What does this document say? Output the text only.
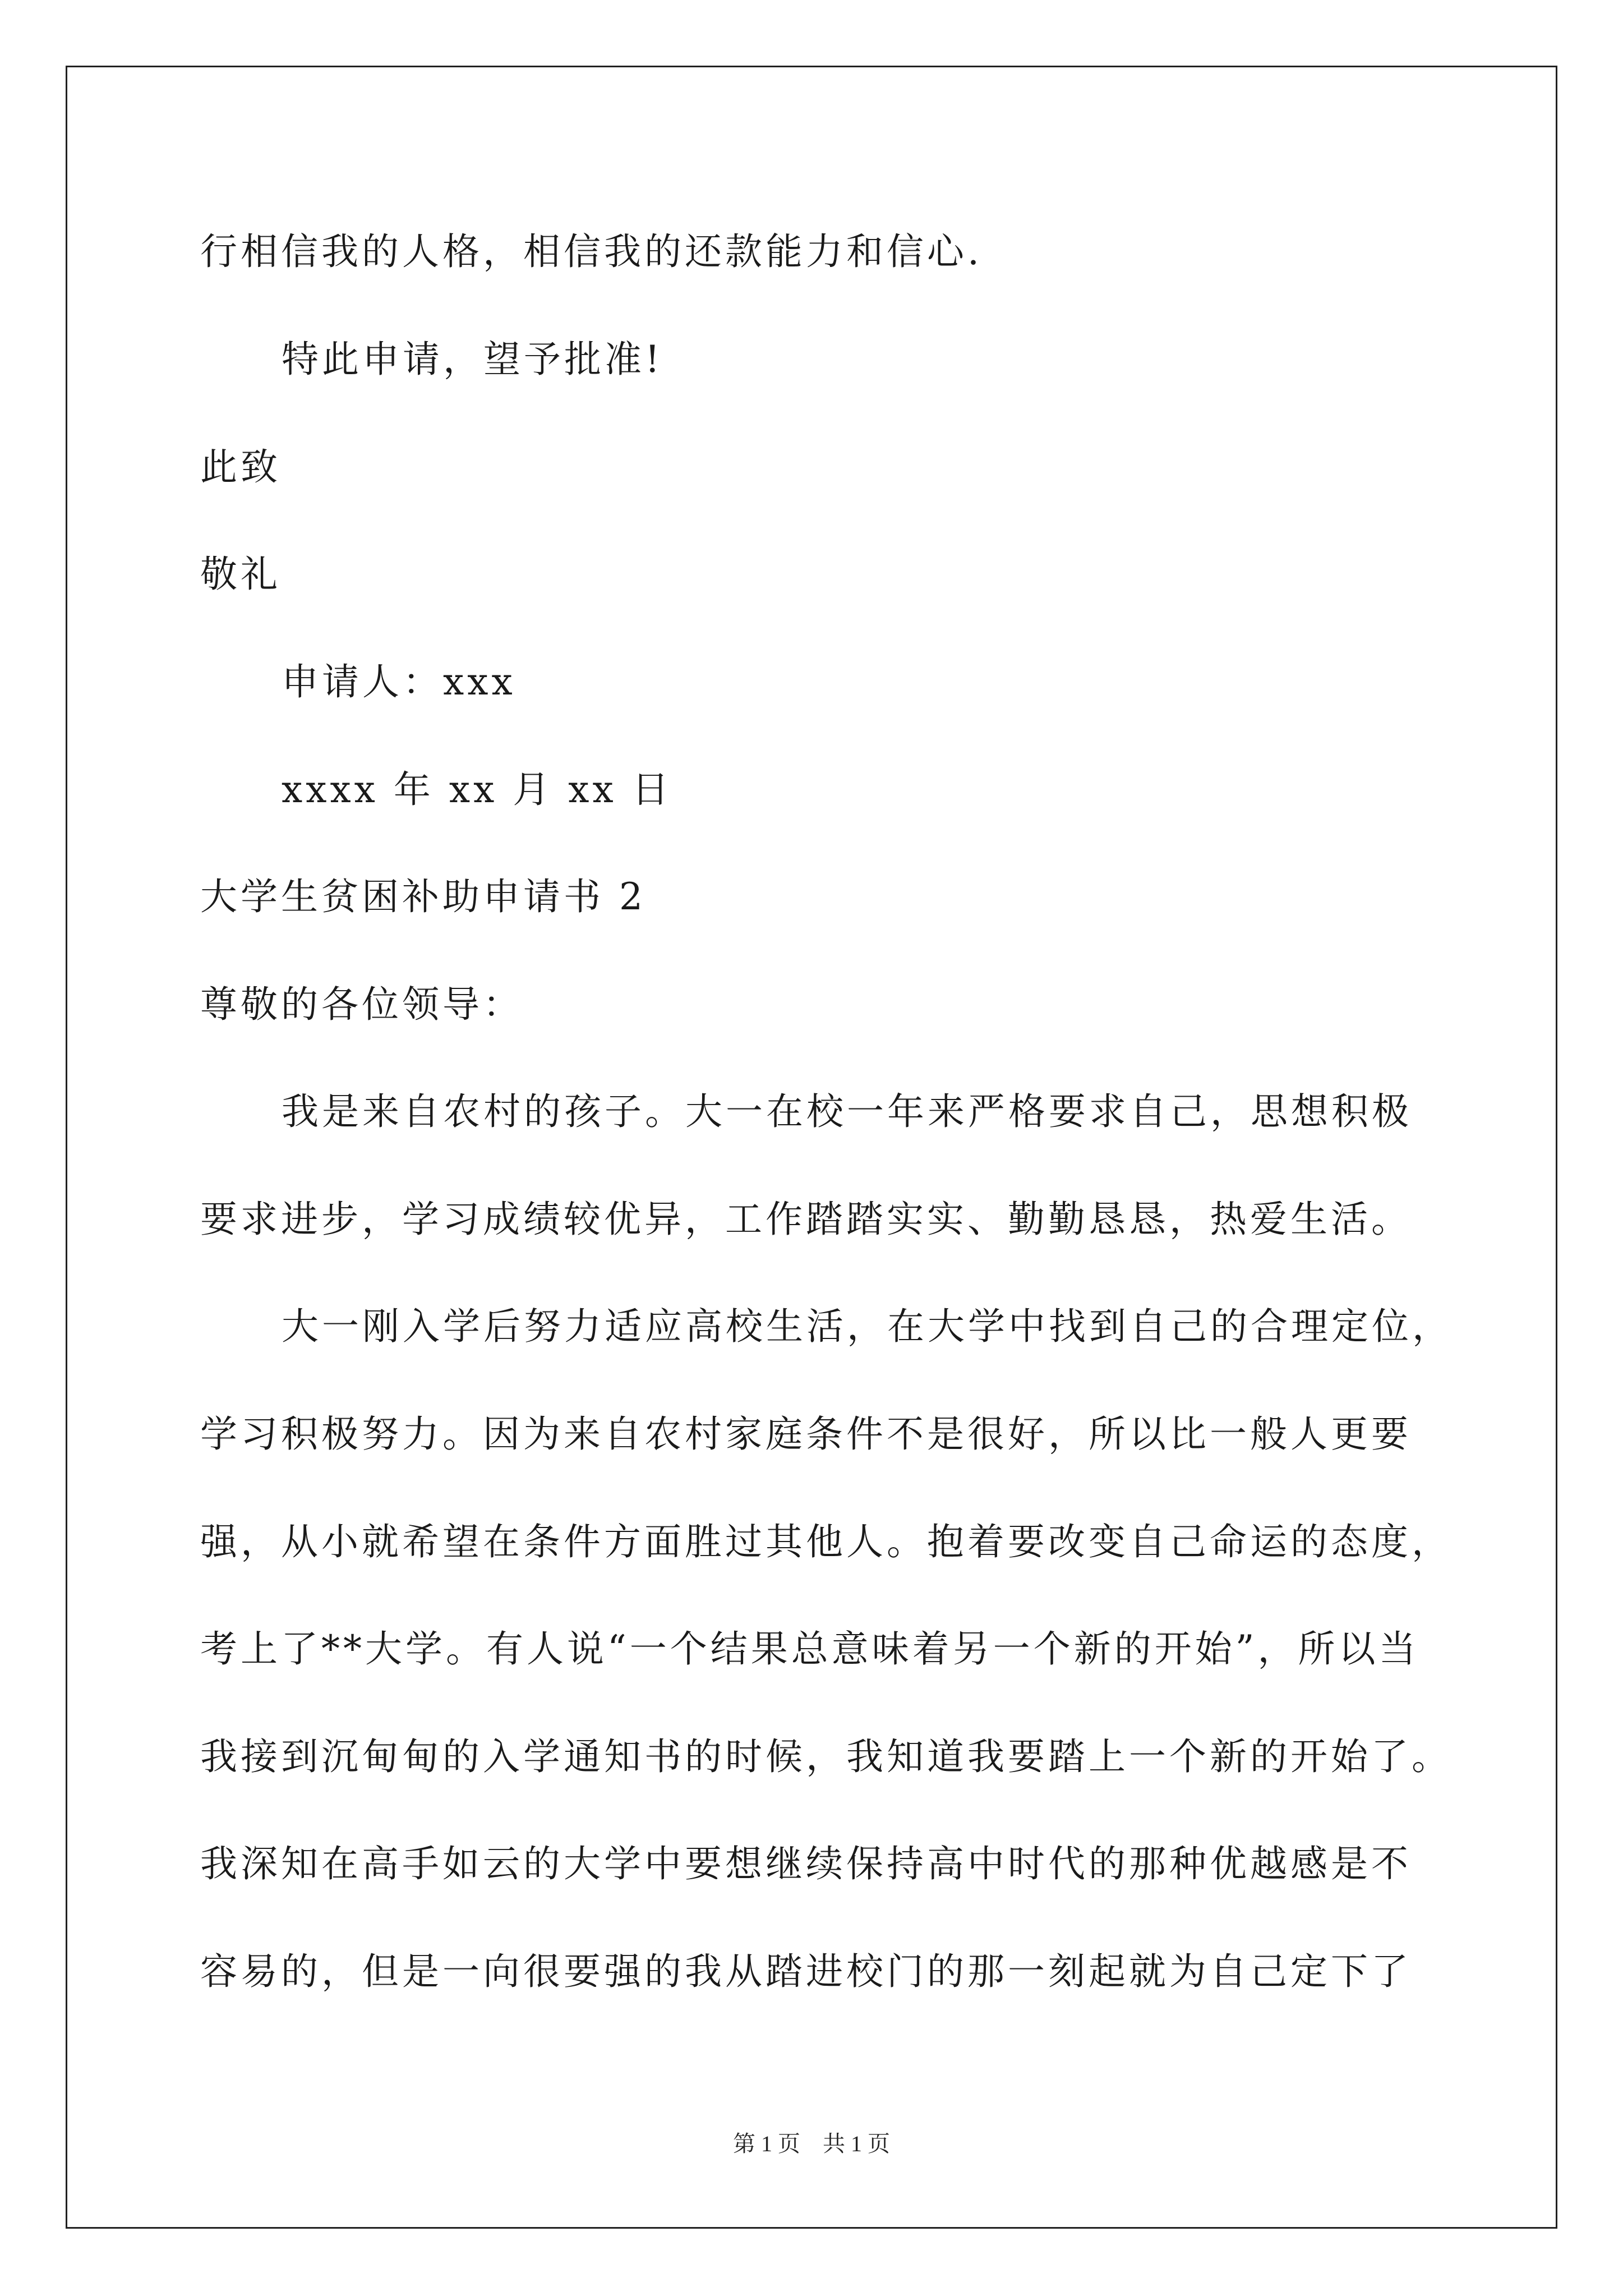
行相信我的人格，相信我的还款能力和信心.
特此申请，望予批准!
此致
敬礼
申请人：xxx
xxxx 年 xx 月 xx 日
大学生贫困补助申请书 2
尊敬的各位领导：
我是来自农村的孩子。大一在校一年来严格要求自己，思想积极
要求进步，学习成绩较优异，工作踏踏实实、勤勤恳恳，热爱生活。
大一刚入学后努力适应高校生活，在大学中找到自己的合理定位，
学习积极努力。因为来自农村家庭条件不是很好，所以比一般人更要
强，从小就希望在条件方面胜过其他人。抱着要改变自己命运的态度，
考上了**大学。有人说“一个结果总意味着另一个新的开始”，所以当
我接到沉甸甸的入学通知书的时候，我知道我要踏上一个新的开始了。
我深知在高手如云的大学中要想继续保持高中时代的那种优越感是不
容易的，但是一向很要强的我从踏进校门的那一刻起就为自己定下了
第 1 页    共 1 页
